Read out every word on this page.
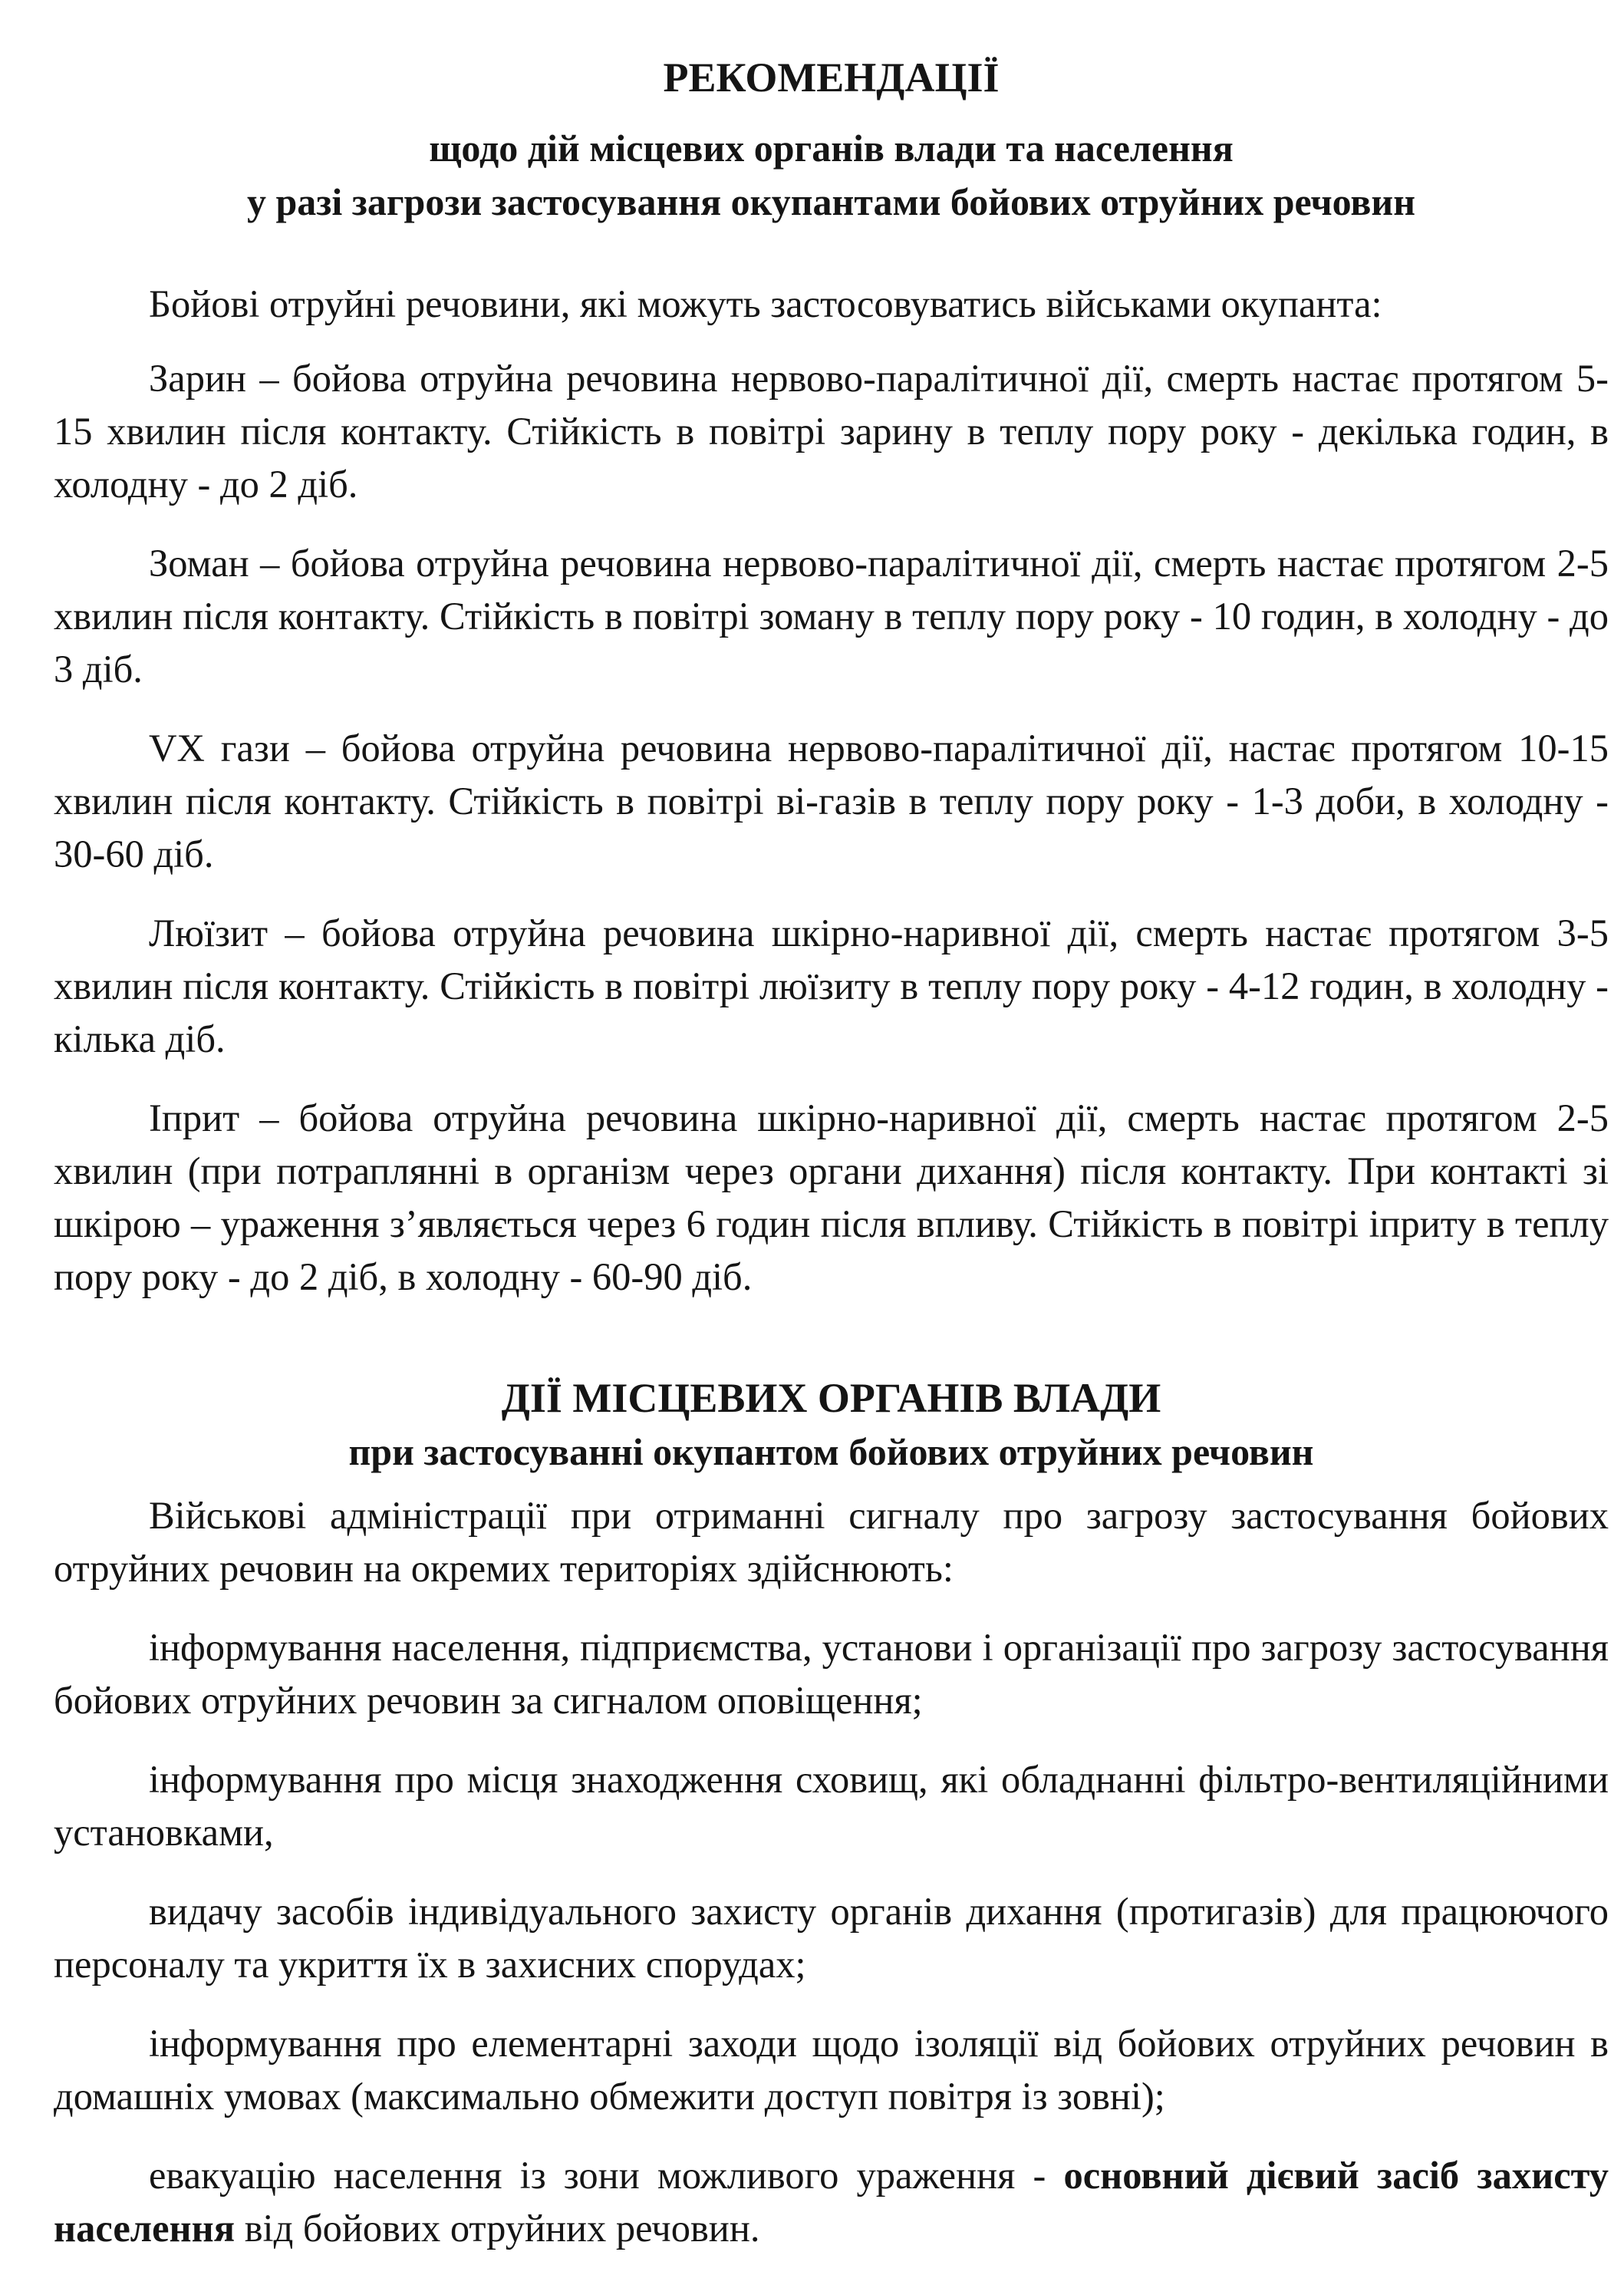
РЕКОМЕНДАЦІЇ
щодо дій місцевих органів влади та населення
у разі загрози застосування окупантами бойових отруйних речовин

Бойові отруйні речовини, які можуть застосовуватись військами окупанта:

Зарин – бойова отруйна речовина нервово-паралітичної дії, смерть настає протягом 5-15 хвилин після контакту. Стійкість в повітрі зарину в теплу пору року - декілька годин, в холодну - до 2 діб.

Зоман – бойова отруйна речовина нервово-паралітичної дії, смерть настає протягом 2-5 хвилин після контакту. Стійкість в повітрі зоману в теплу пору року - 10 годин, в холодну - до 3 діб.

VX гази – бойова отруйна речовина нервово-паралітичної дії, настає протягом 10-15 хвилин після контакту. Стійкість в повітрі ві-газів в теплу пору року - 1-3 доби, в холодну - 30-60 діб.

Люїзит – бойова отруйна речовина шкірно-наривної дії, смерть настає протягом 3-5 хвилин після контакту. Стійкість в повітрі люїзиту в теплу пору року - 4-12 годин, в холодну - кілька діб.

Іприт – бойова отруйна речовина шкірно-наривної дії, смерть настає протягом 2-5 хвилин (при потраплянні в організм через органи дихання) після контакту. При контакті зі шкірою – ураження з’являється через 6 годин після впливу. Стійкість в повітрі іприту в теплу пору року - до 2 діб, в холодну - 60-90 діб.

ДІЇ МІСЦЕВИХ ОРГАНІВ ВЛАДИ
при застосуванні окупантом бойових отруйних речовин

Військові адміністрації при отриманні сигналу про загрозу застосування бойових отруйних речовин на окремих територіях здійснюють:

інформування населення, підприємства, установи і організації про загрозу застосування бойових отруйних речовин за сигналом оповіщення;

інформування про місця знаходження сховищ, які обладнанні фільтро-вентиляційними установками,

видачу засобів індивідуального захисту органів дихання (протигазів) для працюючого персоналу та укриття їх в захисних спорудах;

інформування про елементарні заходи щодо ізоляції від бойових отруйних речовин в домашніх умовах (максимально обмежити доступ повітря із зовні);

евакуацію населення із зони можливого ураження - основний дієвий засіб захисту населення від бойових отруйних речовин.
